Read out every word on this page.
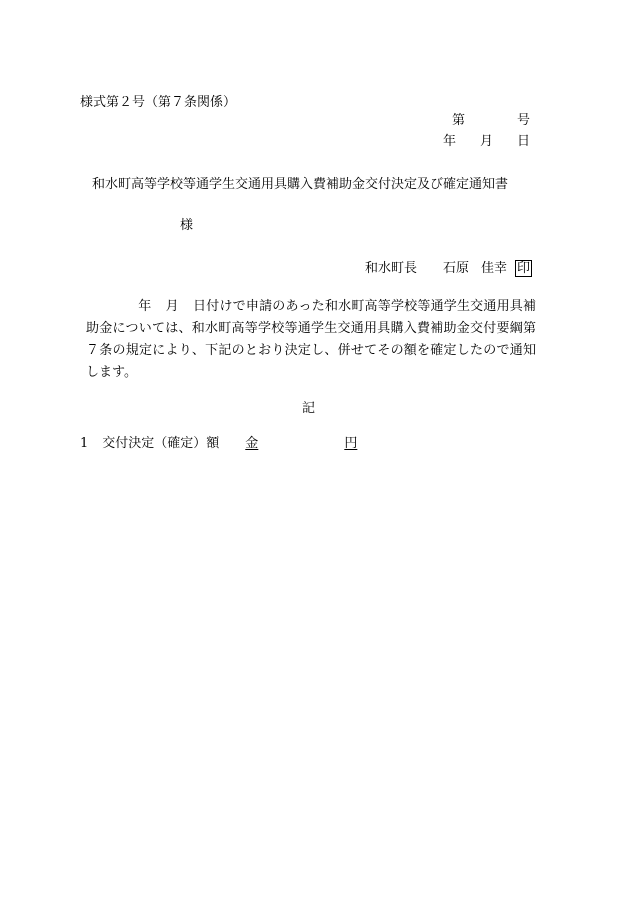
様式第２号（第７条関係）
第	号
年 月 日
和水町高等学校等通学生交通用具購入費補助金交付決定及び確定通知書
様
和水町長 石原 佳幸 印
年 月 日付けで申請のあった和水町高等学校等通学生交通用具補助金については、和水町高等学校等通学生交通用具購入費補助金交付要綱第７条の規定により、下記のとおり決定し、併せてその額を確定したので通知します。
記
1 交付決定（確定）額 金	円
